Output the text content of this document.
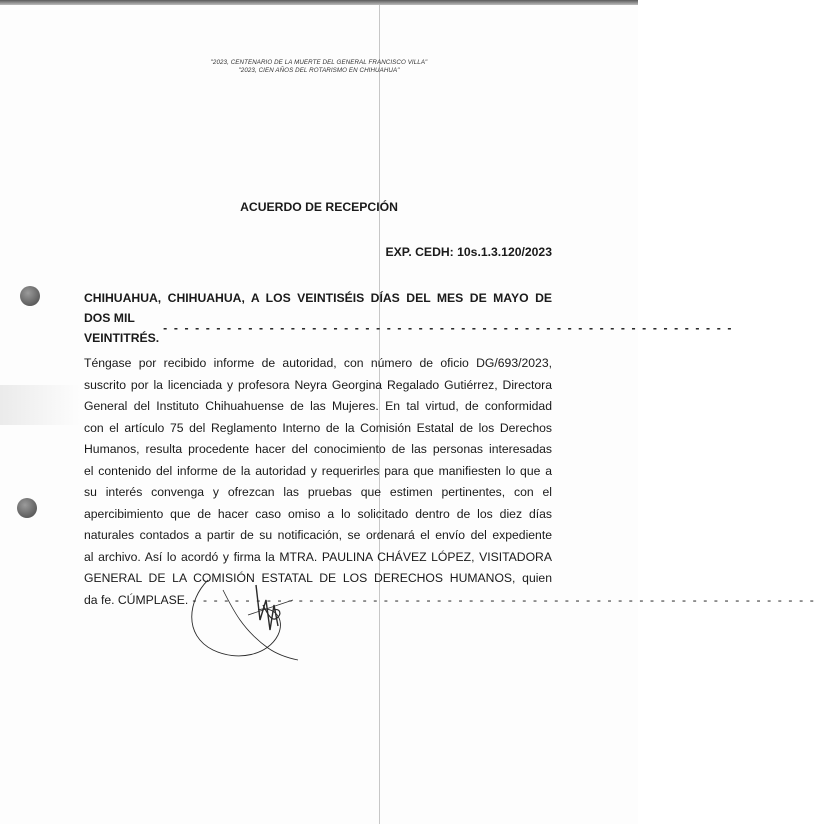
"2023, CENTENARIO DE LA MUERTE DEL GENERAL FRANCISCO VILLA"
"2023, CIEN AÑOS DEL ROTARISMO EN CHIHUAHUA"
ACUERDO DE RECEPCIÓN
EXP. CEDH: 10s.1.3.120/2023
CHIHUAHUA, CHIHUAHUA, A LOS VEINTISÉIS DÍAS DEL MES DE MAYO DE
DOS MIL VEINTITRÉS.
- - - - - - - - - - - - - - - - - - - - - - - - - - - - - - - - - - - - - - - - - - - - - - - - - - - - - -
Téngase por recibido informe de autoridad, con número de oficio DG/693/2023,
suscrito por la licenciada y profesora Neyra Georgina Regalado Gutiérrez, Directora
General del Instituto Chihuahuense de las Mujeres. En tal virtud, de conformidad
con el artículo 75 del Reglamento Interno de la Comisión Estatal de los Derechos
Humanos, resulta procedente hacer del conocimiento de las personas interesadas
el contenido del informe de la autoridad y requerirles para que manifiesten lo que a
su interés convenga y ofrezcan las pruebas que estimen pertinentes, con el
apercibimiento que de hacer caso omiso a lo solicitado dentro de los diez días
naturales contados a partir de su notificación, se ordenará el envío del expediente
al archivo. Así lo acordó y firma la MTRA. PAULINA CHÁVEZ LÓPEZ, VISITADORA
GENERAL DE LA COMISIÓN ESTATAL DE LOS DERECHOS HUMANOS, quien
da fe. CÚMPLASE. - - - - - - - - - - - - - - - - - - - - - - - - - - - - - - - - - - - - - - - - - - - - - - - - - - - - - - - - - - -
